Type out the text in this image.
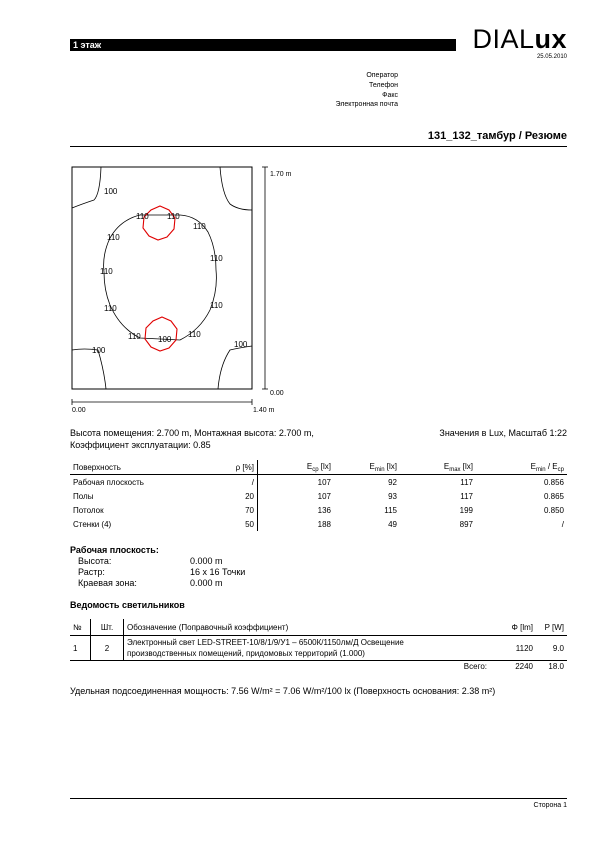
1 этаж	DIALux
25.05.2010
Оператор
Телефон
Факс
Электронная почта
131_132_тамбур / Резюме
100
110 110
110
110
110
110
110
110
110
110 100
100
100
1.70 m
0.00
0.00	1.40 m
Высота помещения: 2.700 m, Монтажная высота: 2.700 m,
Коэффициент эксплуатации: 0.85
Значения в Lux, Масштаб 1:22
Поверхность	ρ [%]	$E_{ср}$ [lx]	$E_{min}$ [lx]	$E_{max}$ [lx]	$E_{min} / E_{ср}$
Рабочая плоскость	/	107	92	117	0.856
Полы	20	107	93	117	0.865
Потолок	70	136	115	199	0.850
Стенки (4)	50	188	49	897	/
Рабочая плоскость:
Высота:	0.000 m
Растр:	16 x 16 Точки
Краевая зона:	0.000 m
Ведомость светильников
№	Шт.	Обозначение (Поправочный коэффициент)	Φ [lm]	P [W]
1	2	Электронный свет LED-STREET-10/8/1/9/У1 – 6500К/1150лм/Д Освещение
производственных помещений, придомовых территорий (1.000)	1120	9.0
		Всего:	2240	18.0
Удельная подсоединенная мощность: 7.56 W/m² = 7.06 W/m²/100 lx (Поверхность основания: 2.38 m²)
Сторона 1
